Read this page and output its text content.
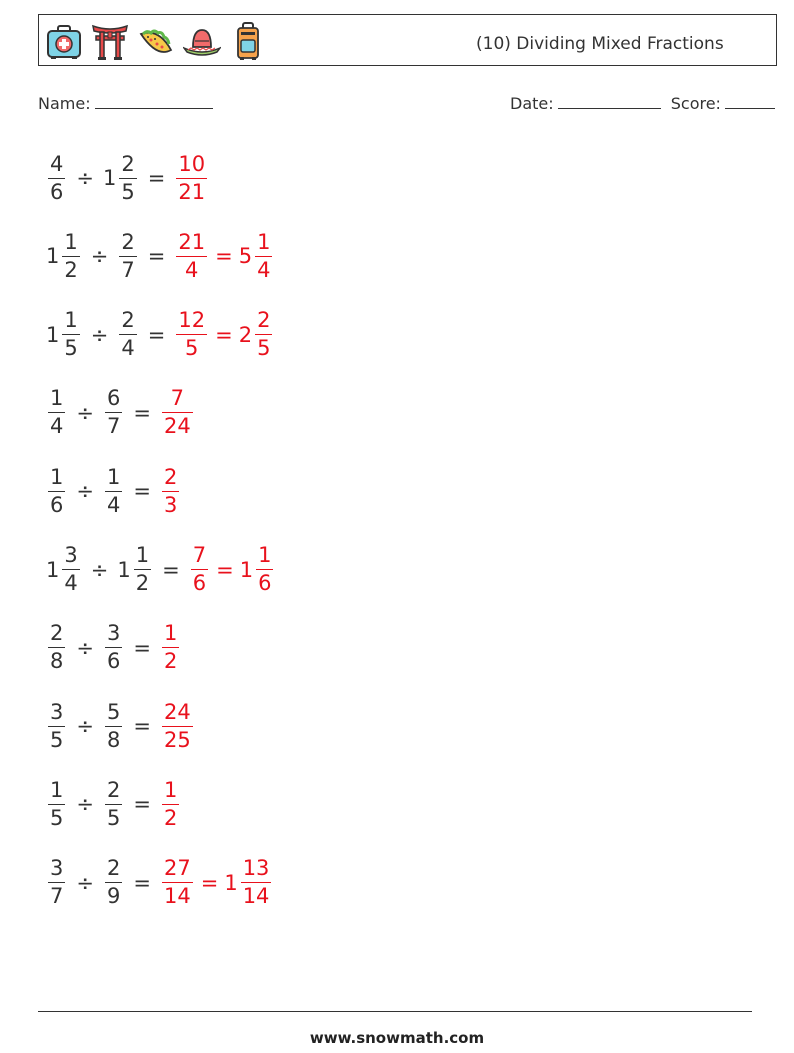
(10) Dividing Mixed Fractions
Name:	Date:	Score:
$\frac{4}{6} \div 1 \frac{2}{5} = \frac{10}{21}$
$1 \frac{1}{2} \div \frac{2}{7} = \frac{21}{4} = 5 \frac{1}{4}$
$1 \frac{1}{5} \div \frac{2}{4} = \frac{12}{5} = 2 \frac{2}{5}$
$\frac{1}{4} \div \frac{6}{7} = \frac{7}{24}$
$\frac{1}{6} \div \frac{1}{4} = \frac{2}{3}$
$1 \frac{3}{4} \div 1 \frac{1}{2} = \frac{7}{6} = 1 \frac{1}{6}$
$\frac{2}{8} \div \frac{3}{6} = \frac{1}{2}$
$\frac{3}{5} \div \frac{5}{8} = \frac{24}{25}$
$\frac{1}{5} \div \frac{2}{5} = \frac{1}{2}$
$\frac{3}{7} \div \frac{2}{9} = \frac{27}{14} = 1 \frac{13}{14}$
www.snowmath.com
